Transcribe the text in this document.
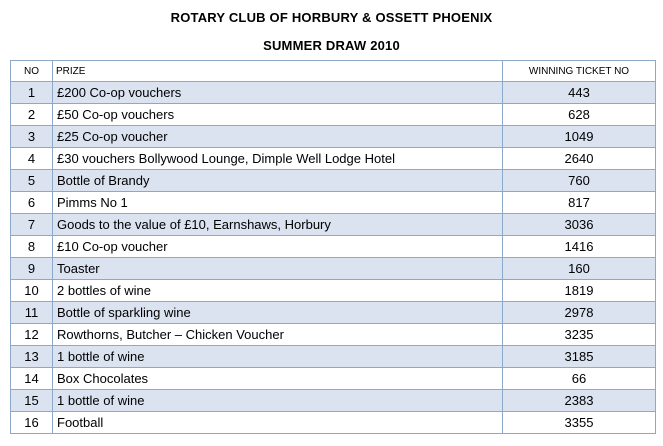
ROTARY CLUB OF HORBURY & OSSETT PHOENIX
SUMMER DRAW 2010
NO	PRIZE	WINNING TICKET NO
1	£200 Co-op vouchers	443
2	£50 Co-op vouchers	628
3	£25 Co-op voucher	1049
4	£30 vouchers Bollywood Lounge, Dimple Well Lodge Hotel	2640
5	Bottle of Brandy	760
6	Pimms No 1	817
7	Goods to the value of £10, Earnshaws, Horbury	3036
8	£10 Co-op voucher	1416
9	Toaster	160
10	2 bottles of wine	1819
11	Bottle of sparkling wine	2978
12	Rowthorns, Butcher – Chicken Voucher	3235
13	1 bottle of wine	3185
14	Box Chocolates	66
15	1 bottle of wine	2383
16	Football	3355
